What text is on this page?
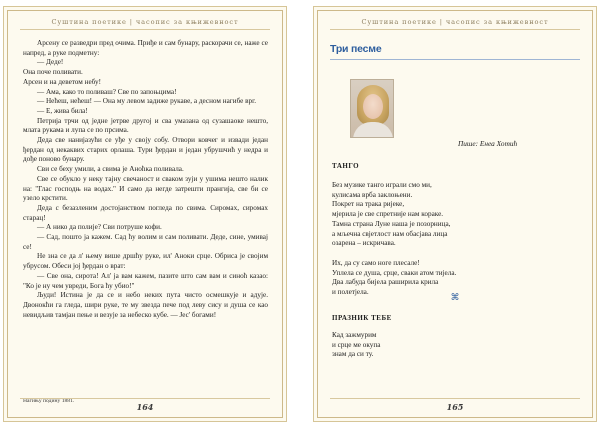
Суштина поетике | часопис за књижевност

Арсену се разведри пред очима. Приђе и сам бунару, раскорачи се, наже се напред, а руке подметну:

— Деде!

Она поче поливати.

Арсен и на деветом небу!

— Ама, како то поливаш? Све по запоњцима!

— Нећеш, нећеш! — Она му левом задиже рукаве, а десном нагибе врг.

— Е, жива била!

Петрија трчи од једне јетрве другој и сва умазана од сузашаоке нешто, млата рукама и лупа се по прсима.

Деда све нанијазући се уђе у своју собу. Отвори ковчег и извади један ђердан од некаквих старих орлаша. Тури ђердан и један убрушчић у недра и дође поново бунару.

Сви се беху умили, а свима је Аноћка поливала.

Све се обукло у неку тајну свечаност и сваком зуји у ушима нешто налик на: "Глас господњ на водах." И само да негде затрешти прангија, све би се узело крстити.

Деда с безазленим достојанством погледа по свима. Сиромах, сиромах старац!

— А нико да полије? Сви потруше кофи.

— Сад, пошто ја кажем. Сад ћу волим и сам поливати. Деде, сине, умивај се!

Не зна се да л' њему више дршћу руке, ил' Аноки срце. Обриса је својим убрусом. Обеси јој ђердан о врат:

— Све она, сирота! Ал' ја вам кажем, пазите што сам вам и синоћ казао: "Ко је ну чем увреди, Бога ћу убио!"

Људи! Истина је да се и небо неких пута чисто осмешкује и адује. Двонокћи га гледа, шири руке, те му звезда пече под леву сису и душа се као невидљив тамјан пење и везује за небеско кубе. — Јес' богами!

Нагињу подину 1881.
164
Суштина поетике | часопис за књижевност
Три песме
Пише: Енеа Хотић
ТАНГО
Без музике танго играли смо ми,
кулисама врба заклоњени.
Покрет на трака ријеке,
мјерила је све спретније нам кораке.
Тамна страна Луне наша је позорница,
а мљечна свјетлост нам обасјава лица
озарена – искричава.
Их, да су само ноге плесале!
Уплела се душа, срце, сваки атом тијела.
Два лабуда бијела раширила крила
и полетјела.
⌘
ПРАЗНИК ТЕБЕ
Кад зажмурим
и срце ме окупа
знам да си ту.
165
